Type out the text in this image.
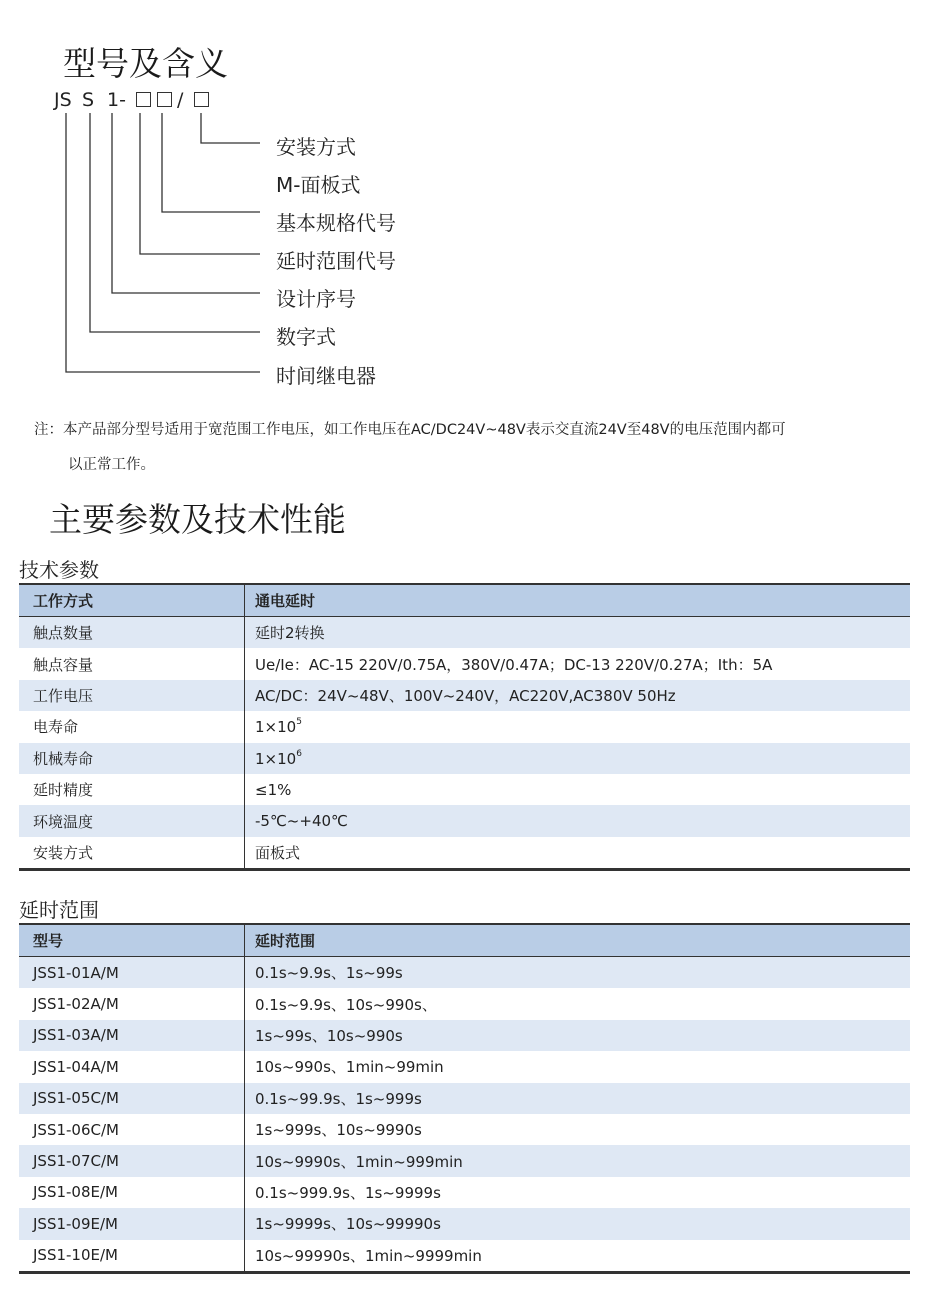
型号及含义
JS S 1-	/
安装方式
M-面板式
基本规格代号
延时范围代号
设计序号
数字式
时间继电器
注：本产品部分型号适用于宽范围工作电压，如工作电压在AC/DC24V~48V表示交直流24V至48V的电压范围内都可
以正常工作。
主要参数及技术性能
技术参数
工作方式	通电延时
触点数量	延时2转换
触点容量	Ue/Ie：AC-15 220V/0.75A，380V/0.47A；DC-13 220V/0.27A；Ith：5A
工作电压	AC/DC：24V~48V、100V~240V，AC220V,AC380V 50Hz
电寿命	$1\times 10^5$
机械寿命	$1\times 10^6$
延时精度	≤1%
环境温度	-5℃~+40℃
安装方式	面板式
延时范围
型号	延时范围
JSS1-01A/M	0.1s~9.9s、1s~99s
JSS1-02A/M	0.1s~9.9s、10s~990s、
JSS1-03A/M	1s~99s、10s~990s
JSS1-04A/M	10s~990s、1min~99min
JSS1-05C/M	0.1s~99.9s、1s~999s
JSS1-06C/M	1s~999s、10s~9990s
JSS1-07C/M	10s~9990s、1min~999min
JSS1-08E/M	0.1s~999.9s、1s~9999s
JSS1-09E/M	1s~9999s、10s~99990s
JSS1-10E/M	10s~99990s、1min~9999min
